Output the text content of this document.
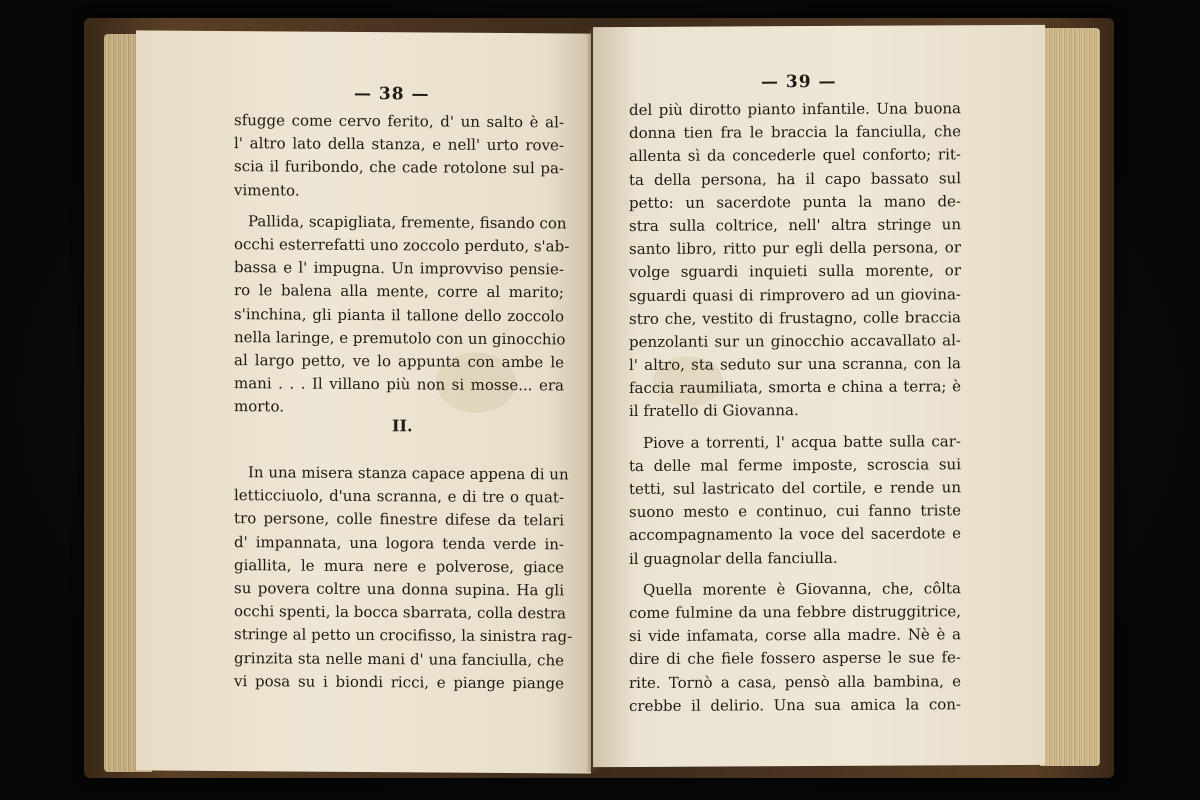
— 38 —
sfugge come cervo ferito, d' un salto è al-
l' altro lato della stanza, e nell' urto rove-
scia il furibondo, che cade rotolone sul pa-
vimento.
Pallida, scapigliata, fremente, fisando con
occhi esterrefatti uno zoccolo perduto, s'ab-
bassa e l' impugna. Un improvviso pensie-
ro le balena alla mente, corre al marito;
s'inchina, gli pianta il tallone dello zoccolo
nella laringe, e premutolo con un ginocchio
al largo petto, ve lo appunta con ambe le
mani . . . Il villano più non si mosse... era
morto.
II.
In una misera stanza capace appena di un
letticciuolo, d'una scranna, e di tre o quat-
tro persone, colle finestre difese da telari
d' impannata, una logora tenda verde in-
giallita, le mura nere e polverose, giace
su povera coltre una donna supina. Ha gli
occhi spenti, la bocca sbarrata, colla destra
stringe al petto un crocifisso, la sinistra rag-
grinzita sta nelle mani d' una fanciulla, che
vi posa su i biondi ricci, e piange piange
— 39 —
del più dirotto pianto infantile. Una buona
donna tien fra le braccia la fanciulla, che
allenta sì da concederle quel conforto; rit-
ta della persona, ha il capo bassato sul
petto: un sacerdote punta la mano de-
stra sulla coltrice, nell' altra stringe un
santo libro, ritto pur egli della persona, or
volge sguardi inquieti sulla morente, or
sguardi quasi di rimprovero ad un giovina-
stro che, vestito di frustagno, colle braccia
penzolanti sur un ginocchio accavallato al-
l' altro, sta seduto sur una scranna, con la
faccia raumiliata, smorta e china a terra; è
il fratello di Giovanna.
Piove a torrenti, l' acqua batte sulla car-
ta delle mal ferme imposte, scroscia sui
tetti, sul lastricato del cortile, e rende un
suono mesto e continuo, cui fanno triste
accompagnamento la voce del sacerdote e
il guagnolar della fanciulla.
Quella morente è Giovanna, che, côlta
come fulmine da una febbre distruggitrice,
si vide infamata, corse alla madre. Nè è a
dire di che fiele fossero asperse le sue fe-
rite. Tornò a casa, pensò alla bambina, e
crebbe il delirio. Una sua amica la con-
